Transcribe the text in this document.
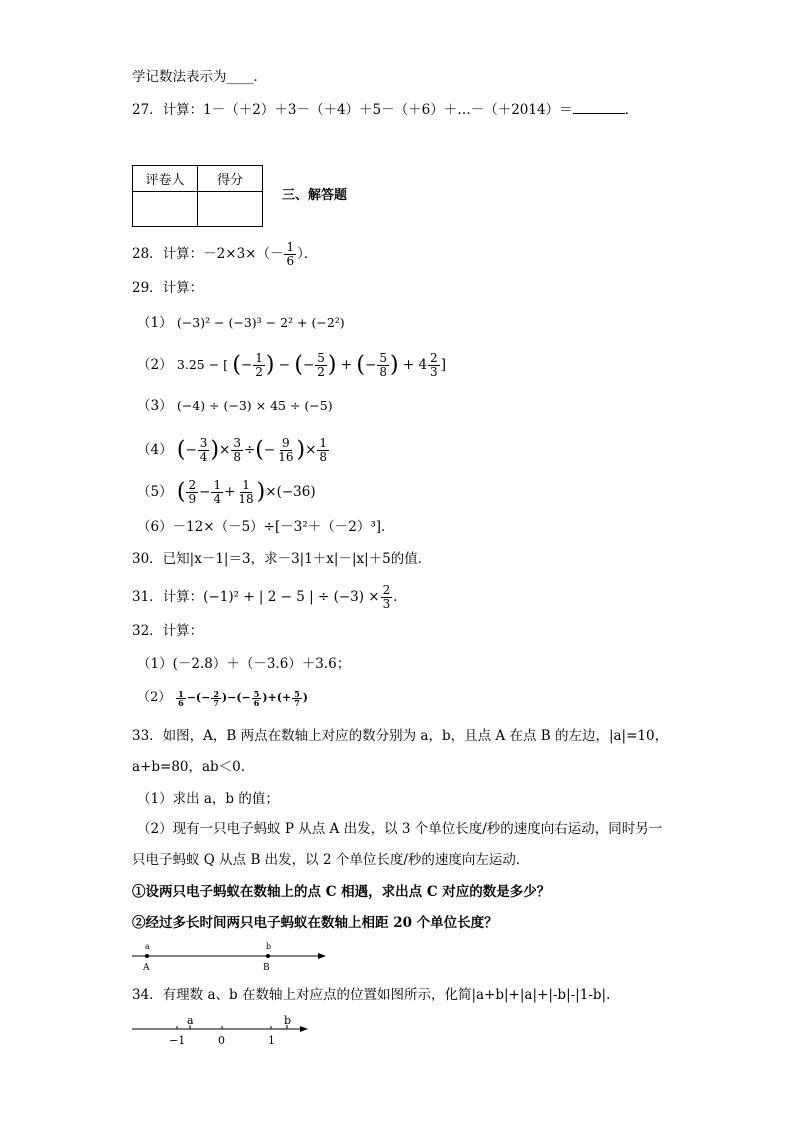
学记数法表示为____．
27．计算：1－（＋2）＋3－（＋4）＋5－（＋6）＋…－（＋2014）＝	．
评卷人	得分

三、解答题
28．计算：$-2\times 3\times(- \frac{1}{6}$ ）．
29．计算：
（1） (−3)² − (−3)³ − 2² + (−2²)
（2） 3.25 − [ (− $\frac{1}{2}$ ) − (− $\frac{5}{2}$ ) + (− $\frac{5}{8}$ ) + $4 \frac{2}{3}$ ]
（3） (−4) ÷ (−3) × 45 ÷ (−5)
（4） (− $\frac{3}{4}$ )× $\frac{3}{8}$ ÷(− $\frac{9}{16}$ )× $\frac{1}{8}$
（5） ( $\frac{2}{9} - \frac{1}{4} + \frac{1}{18} )\times(-36)$
（6）－12×（－5）÷[－3²＋（－2）³]．
30．已知|x－1|＝3，求－3|1＋x|－|x|＋5的值．
31．计算：(−1)² + | 2 − 5 | ÷ $(-3) \times \frac{2}{3}$ ．
32．计算：
（1）(－2.8）＋（－3.6）＋3.6；
$(2) \frac{1}{6}$ −(− $\frac{2}{7}$ )−(− $\frac{5}{6}$ )+(+ $\frac{5}{7}$ )
33．如图，A，B 两点在数轴上对应的数分别为 a，b，且点 A 在点 B 的左边，|a|=10，
a+b=80，ab＜0．
（1）求出 a，b 的值；
（2）现有一只电子蚂蚁 P 从点 A 出发，以 3 个单位长度/秒的速度向右运动，同时另一
只电子蚂蚁 Q 从点 B 出发，以 2 个单位长度/秒的速度向左运动．
①设两只电子蚂蚁在数轴上的点 C 相遇，求出点 C 对应的数是多少？
②经过多长时间两只电子蚂蚁在数轴上相距 20 个单位长度？
a	b
A	B
34．有理数 a、b 在数轴上对应点的位置如图所示，化简|a+b|+|a|+|-b|-|1-b|.
a	b
−1	0	1
